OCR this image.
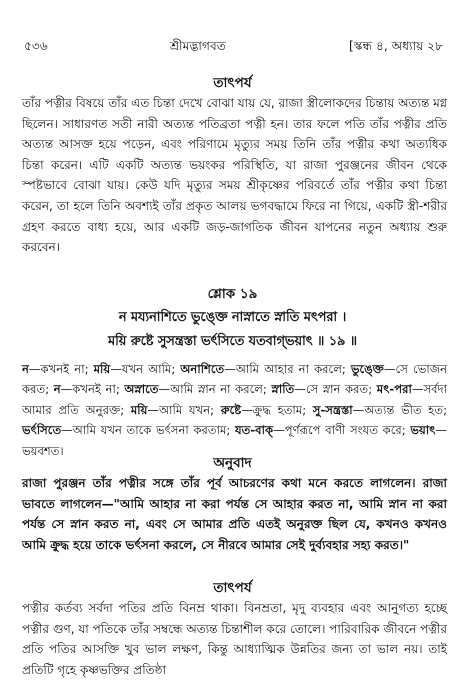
৫৩৬	শ্রীমদ্ভাগবত	[স্কন্ধ ৪, অধ্যায় ২৮
তাৎপর্য

তাঁর পত্নীর বিষয়ে তাঁর এত চিন্তা দেখে বোঝা যায় যে, রাজা স্ত্রীলোকদের চিন্তায় অত্যন্ত মগ্ন ছিলেন। সাধারণত সতী নারী অত্যন্ত পতিব্রতা পত্নী হন। তার ফলে পতি তাঁর পত্নীর প্রতি অত্যন্ত আসক্ত হয়ে পড়েন, এবং পরিণামে মৃত্যুর সময় তিনি তাঁর পত্নীর কথা অত্যধিক চিন্তা করেন। এটি একটি অত্যন্ত ভয়ংকর পরিস্থিতি, যা রাজা পুরঞ্জনের জীবন থেকে স্পষ্টভাবে বোঝা যায়। কেউ যদি মৃত্যুর সময় শ্রীকৃষ্ণের পরিবর্তে তাঁর পত্নীর কথা চিন্তা করেন, তা হলে তিনি অবশ্যই তাঁর প্রকৃত আলয় ভগবদ্ধামে ফিরে না গিয়ে, একটি স্ত্রী-শরীর গ্রহণ করতে বাধ্য হয়ে, আর একটি জড়-জাগতিক জীবন যাপনের নতুন অধ্যায় শুরু করবেন।

শ্লোক ১৯
ন ময্যনাশিতে ভুঙ্ক্তে নাস্নাতে স্নাতি মৎপরা ।
ময়ি রুষ্টে সুসন্ত্রস্তা ভর্ৎসিতে যতবাগ্‌ভয়াৎ ॥ ১৯ ॥

ন—কখনই না; ময়ি—যখন আমি; অনাশিতে—আমি আহার না করলে; ভুঙ্ক্তে—সে ভোজন করত; ন—কখনই না; অস্নাতে—আমি স্নান না করলে; স্নাতি—সে স্নান করত; মৎ-পরা—সর্বদা আমার প্রতি অনুরক্ত; ময়ি—আমি যখন; রুষ্টে—ক্রুদ্ধ হতাম; সু-সন্ত্রস্তা—অত্যন্ত ভীত হত; ভর্ৎসিতে—আমি যখন তাকে ভর্ৎসনা করতাম; যত-বাক্—পূর্ণরূপে বাণী সংযত করে; ভয়াৎ—ভয়বশত।

অনুবাদ

রাজা পুরঞ্জন তাঁর পত্নীর সঙ্গে তাঁর পূর্ব আচরণের কথা মনে করতে লাগলেন। রাজা ভাবতে লাগলেন—"আমি আহার না করা পর্যন্ত সে আহার করত না, আমি স্নান না করা পর্যন্ত সে স্নান করত না, এবং সে আমার প্রতি এতই অনুরক্ত ছিল যে, কখনও কখনও আমি ক্রুদ্ধ হয়ে তাকে ভর্ৎসনা করলে, সে নীরবে আমার সেই দুর্ব্যবহার সহ্য করত।"

তাৎপর্য

পত্নীর কর্তব্য সর্বদা পতির প্রতি বিনম্র থাকা। বিনম্রতা, মৃদু ব্যবহার এবং আনুগত্য হচ্ছে পত্নীর গুণ, যা পতিকে তাঁর সম্বন্ধে অত্যন্ত চিন্তাশীল করে তোলে। পারিবারিক জীবনে পত্নীর প্রতি পতির আসক্তি খুব ভাল লক্ষণ, কিন্তু আধ্যাত্মিক উন্নতির জন্য তা ভাল নয়। তাই প্রতিটি গৃহে কৃষ্ণভক্তির প্রতিষ্ঠা
